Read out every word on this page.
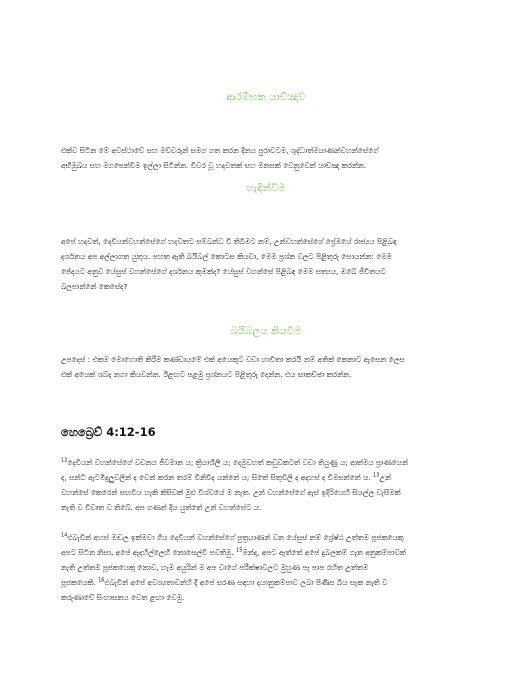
ආරම්භක යාච්ඤාව
එක්ව සිටින මේ අවස්ථාවේ සහ මව්වරුන් සමග ගත කරන දිනය පුරාවටම, ශුද්ධාත්මයාණන්වහන්සේගේ
අභිමුඛය සහ මගපෙන්වීම ඉල්ලා සිටින්න. විවර වූ හදවතක් සහ මනසක් වෙනුවෙන් යාච්ඤා කරන්න.
හැඳින්වීම
අපේ හදවත්, දෙවියන්වහන්සේගේ හදවතට සම්බන්ධ වී තිබීමට නම්, උන්වහන්සේගේ ප්‍රේමයේ රාජ්‍යය පිළිබඳ
දර්ශනය අප අල්ලාගත යුතුය. පහත ඇති බයිබල් කොටස කියවා, මෙම ප්‍රශ්න වලට පිළිතුරු සොයන්න: මෙම
ජේදයට අනුව යේසුස් වහන්සේගේ දර්ශනය කුමක්ද? යේසුස් වහන්සේ පිළිබඳ මෙම සත්‍යය, ඔබේ ජීවිතයට
බලපාන්නේ කෙසේද?
බයිබලය කියවීම
උපදෙස් : එකම මොහොති කිරීම කණ්ඩායමේ එක් අයෙකුට වඩා හාවිතා කරයි නම් අතික් කෙනාට ඇසෙන ලෙස
එක් අයෙක් ශබ්ද නගා කියවන්න. ඊළඟට පළමු ප්‍රශ්නයට පිළිතුරු දෙන්න. එය සාකච්ඡා කරන්න.
හෙබ්‍රෙව් 4:12-16
$^{12}$දෙවියන් වහන්සේගේ වචනය ජීවමාන ය; ක්‍රියාශීලී ය; දෙමුවහත් කඩුවකටත් වඩා තියුණු ය; ආත්මය ප්‍රාණයෙන්
ද, සන්ධි ඇටමිදුලුවලින් ද වෙන් කරන තරම් විනිවිද යන්නේ ය; සිතේ සිතුවිලි ද අදහස් ද විමසන්නේ ය. $^{13}$උන්
වහන්සේ කෙරෙන් සඟවිය හැකි කිසිවක් මුළු විශ්වයේ ම නැත. උන් වහන්සේගේ ඇස් ඉදිරියෙහි සියල්ල වැසීමක්
නැති ව විවෘත ව තිබේ. අප ගණන් දිය යුත්තේ උන් වහන්සේට ය.
$^{14}$එබැවින් අහස් මඬල ඉක්මවා ගිය දෙවියන් වහන්සේගේ පුත්‍රයාණන් වන යේසුස් නම් ශ්‍රේෂ්ඨ උත්තම පූජකයෙකු
අපට සිටින නිසා, අපේ ඇදහිල්ලෙහි නොසෙල්වී පවතිමු. $^{15}$මන්ද, අපට ඇත්තේ අපේ දුබලකම් ගැන අනුකම්පාවක්
නැති උත්තම පූජකයෙකු නොව, හැම අයුරින් ම අප වාගේ පරීක්ෂාවලට මුහුණ පෑ පාප රහිත උත්තම
පූජකයෙකි. $^{16}$එබැවින් අපේ අවශ්‍යතාවන්හි දී අපේ සරණ සඳහා දයානුකම්පාව ලබා පිණිස බිය සැක නැති ව
කරුණාවේ සිංහාසනය වෙත ළඟා වෙමු.
